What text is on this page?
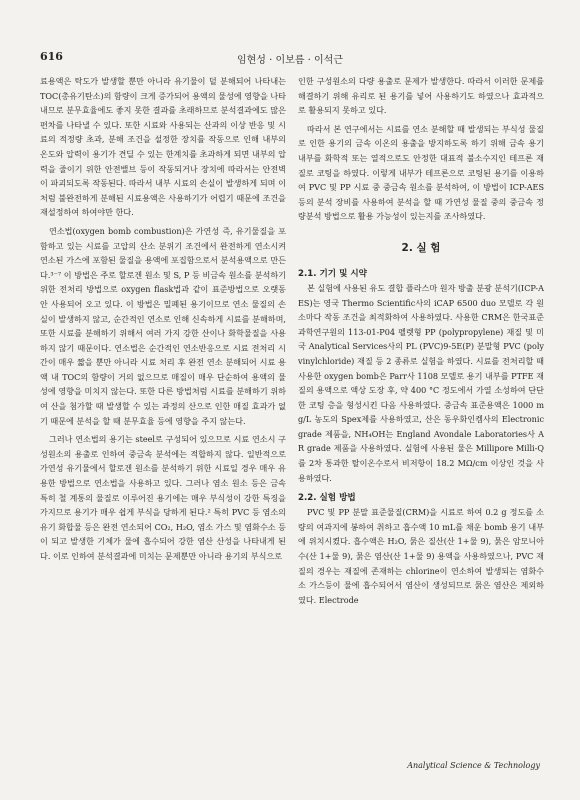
616	임현성 · 이보름 · 이석근

료용액은 탁도가 발생할 뿐만 아니라 유기물이 덜 분해되어 나타내는 TOC(총유기탄소)의 함량이 크게 증가되어 용액의 물성에 영향을 나타내므로 분무효율에도 좋지 못한 결과를 초래하므로 분석결과에도 많은 편차를 나타낼 수 있다. 또한 시료와 사용되는 산과의 이상 반응 및 시료의 적정량 초과, 분해 조건을 설정한 장치를 작동으로 인해 내부의 온도와 압력이 용기가 견딜 수 있는 한계치를 초과하게 되면 내부의 압력을 줄이기 위한 안전밸브 등이 작동되거나 장치에 따라서는 안전벽이 파괴되도록 작동된다. 따라서 내부 시료의 손실이 발생하게 되며 이처럼 불완전하게 분해된 시료용액은 사용하기가 어렵기 때문에 조건을 재설정하여 하여야만 한다.

연소법(oxygen bomb combustion)은 가연성 즉, 유기물질을 포함하고 있는 시료를 고압의 산소 분위기 조건에서 완전하게 연소시켜 연소된 가스에 포함된 물질을 용액에 포집함으로서 분석용액으로 만든다.³⁻⁷ 이 방법은 주로 할로겐 원소 및 S, P 등 비금속 원소를 분석하기 위한 전처리 방법으로 oxygen flask법과 같이 표준방법으로 오랫동안 사용되어 오고 있다. 이 방법은 밀폐된 용기이므로 연소 물질의 손실이 발생하지 않고, 순간적인 연소로 인해 신속하게 시료를 분해하며, 또한 시료를 분해하기 위해서 여러 가지 강한 산이나 화학물질을 사용하지 않기 때문이다. 연소법은 순간적인 연소반응으로 시료 전처리 시간이 매우 짧을 뿐만 아니라 시료 처리 후 완전 연소 분해되어 시료 용액 내 TOC의 함량이 거의 없으므로 매질이 매우 단순하여 용액의 물성에 영향을 미치지 않는다. 또한 다른 방법처럼 시료를 분해하기 위하여 산을 첨가할 때 발생할 수 있는 과정의 산으로 인한 매질 효과가 없기 때문에 분석을 할 때 분무효율 등에 영향을 주지 않는다.

그러나 연소법의 용기는 steel로 구성되어 있으므로 시료 연소시 구성원소의 용출로 인하여 중금속 분석에는 적합하지 않다. 일반적으로 가연성 유기물에서 할로겐 원소를 분석하기 위한 시료일 경우 매우 유용한 방법으로 연소법을 사용하고 있다. 그러나 염소 원소 등은 금속 특히 철 계통의 물질로 이루어진 용기에는 매우 부식성이 강한 특징을 가지므로 용기가 매우 쉽게 부식을 당하게 된다.² 특히 PVC 등 염소의 유기 화합물 등은 완전 연소되어 CO₂, H₂O, 염소 가스 및 염화수소 등이 되고 발생한 기체가 물에 흡수되어 강한 염산 산성을 나타내게 된다. 이로 인하여 분석결과에 미치는 문제뿐만 아니라 용기의 부식으로

인한 구성원소의 다량 용출로 문제가 발생한다. 따라서 이러한 문제를 해결하기 위해 유리로 된 용기를 넣어 사용하기도 하였으나 효과적으로 활용되지 못하고 있다.

따라서 본 연구에서는 시료를 연소 분해할 때 발생되는 부식성 물질로 인한 용기의 금속 이온의 용출을 방지하도록 하기 위해 금속 용기 내부를 화학적 또는 열적으로도 안정한 대표적 불소수지인 테프론 재질로 코팅을 하였다. 이렇게 내부가 테프론으로 코팅된 용기를 이용하여 PVC 및 PP 시료 중 중금속 원소를 분석하여, 이 방법이 ICP-AES 등의 분석 장비를 사용하여 분석을 할 때 가연성 물질 중의 중금속 정량분석 방법으로 활용 가능성이 있는지를 조사하였다.

2. 실 험
2.1. 기기 및 시약

본 실험에 사용된 유도 결합 플라스마 원자 방출 분광 분석기(ICP-AES)는 영국 Thermo Scientific사의 iCAP 6500 duo 모델로 각 원소마다 작동 조건을 최적화하여 사용하였다. 사용한 CRM은 한국표준과학연구원의 113-01-P04 펠렛형 PP (polypropylene) 재질 및 미국 Analytical Services사의 PL (PVC)9-5E(P) 분말형 PVC (polyvinylchloride) 재질 등 2 종류로 실험을 하였다. 시료를 전처리할 때 사용한 oxygen bomb은 Parr사 1108 모델로 용기 내부를 PTFE 재질의 용액으로 액상 도장 후, 약 400 °C 정도에서 가열 소성하여 단단한 코팅 층을 형성시킨 다음 사용하였다. 중금속 표준용액은 1000 mg/L 농도의 Spex제를 사용하였고, 산은 동우화인켐사의 Electronic grade 제품을, NH₄OH는 England Avondale Laboratories사 AR grade 제품을 사용하였다. 실험에 사용된 물은 Millipore Milli-Q를 2차 통과한 탈이온수로서 비저항이 18.2 MΩ/cm 이상인 것을 사용하였다.

2.2. 실험 방법

PVC 및 PP 분말 표준물질(CRM)을 시료로 하여 0.2 g 정도를 소량의 여과지에 봉하여 취하고 흡수액 10 mL를 채운 bomb 용기 내부에 위치시켰다. 흡수액은 H₂O, 묽은 질산(산 1+물 9), 묽은 암모니아수(산 1+물 9), 묽은 염산(산 1+물 9) 용액을 사용하였으나, PVC 재질의 경우는 재질에 존재하는 chlorine이 연소하여 발생되는 염화수소 가스등이 물에 흡수되어서 염산이 생성되므로 묽은 염산은 제외하였다. Electrode

Analytical Science & Technology
